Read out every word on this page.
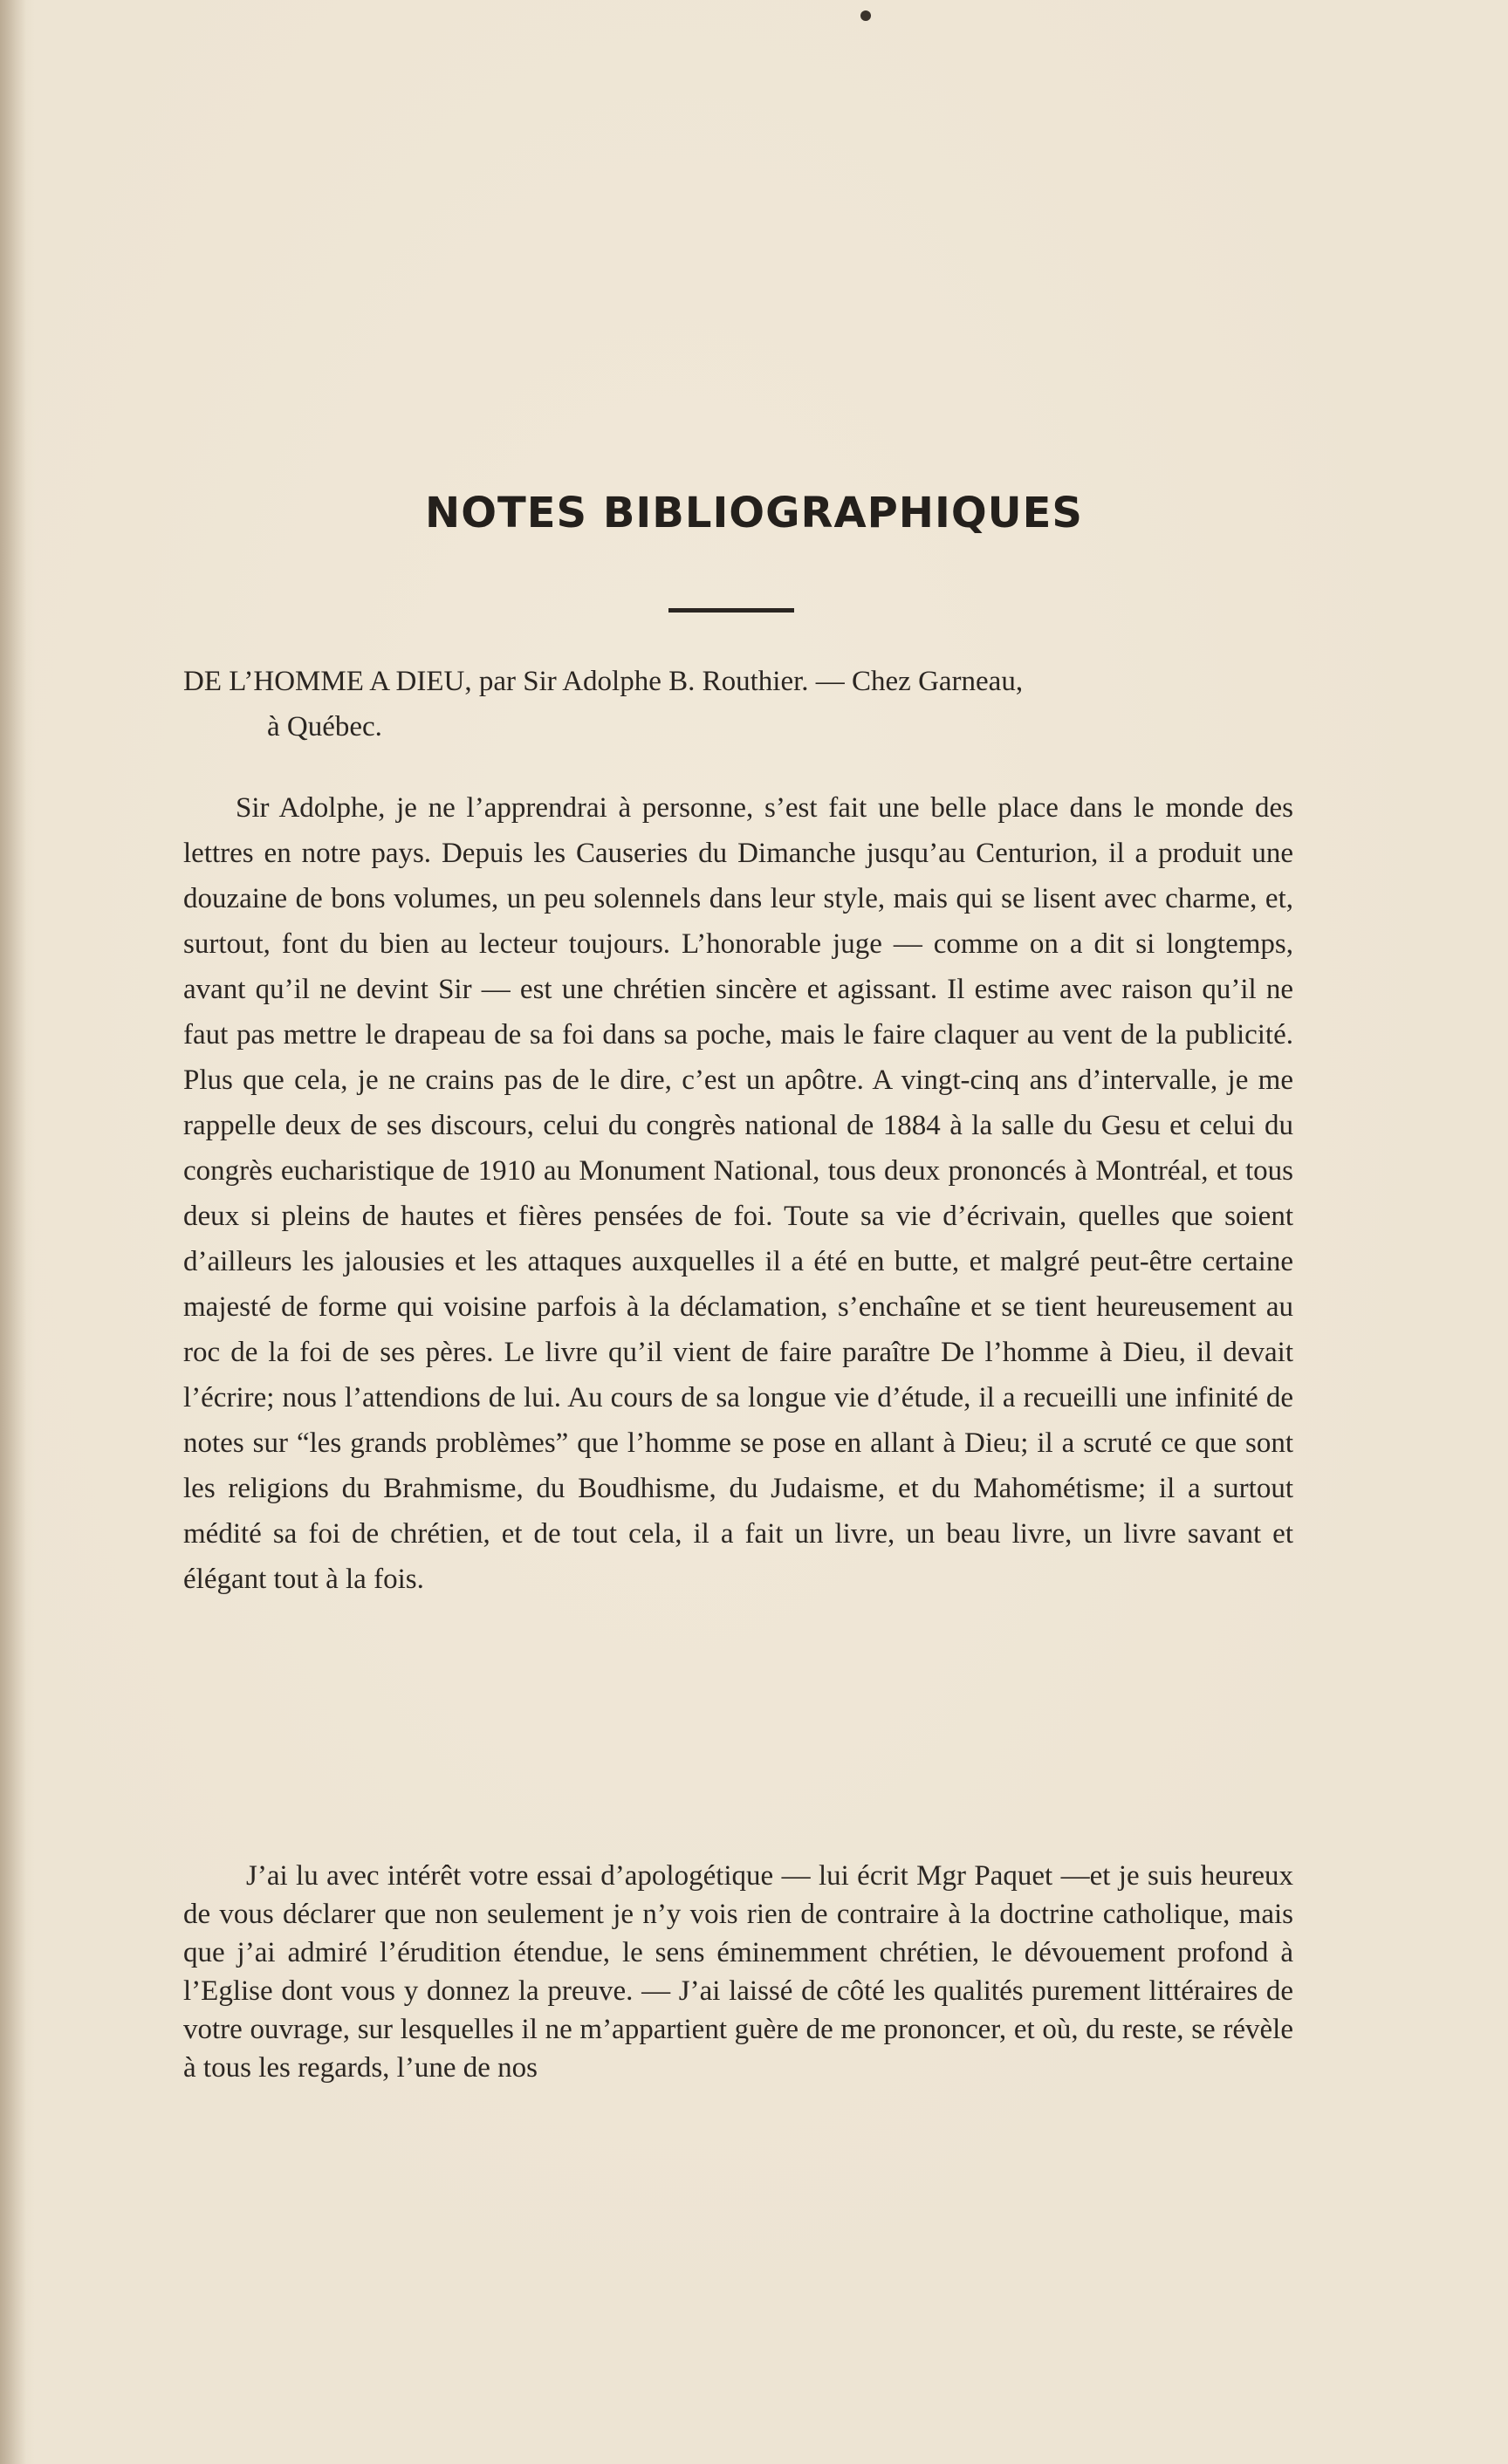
NOTES BIBLIOGRAPHIQUES
DE L’HOMME A DIEU, par Sir Adolphe B. Routhier. — Chez Garneau,
à Québec.

Sir Adolphe, je ne l’apprendrai à personne, s’est fait une belle place dans le monde des lettres en notre pays. Depuis les Causeries du Dimanche jusqu’au Centurion, il a produit une douzaine de bons volumes, un peu solennels dans leur style, mais qui se lisent avec charme, et, surtout, font du bien au lecteur toujours. L’honorable juge — comme on a dit si longtemps, avant qu’il ne devint Sir — est une chrétien sincère et agissant. Il estime avec raison qu’il ne faut pas mettre le drapeau de sa foi dans sa poche, mais le faire claquer au vent de la publicité. Plus que cela, je ne crains pas de le dire, c’est un apôtre. A vingt-cinq ans d’intervalle, je me rappelle deux de ses discours, celui du congrès national de 1884 à la salle du Gesu et celui du congrès eucharistique de 1910 au Monument National, tous deux prononcés à Montréal, et tous deux si pleins de hautes et fières pensées de foi. Toute sa vie d’écrivain, quelles que soient d’ailleurs les jalousies et les attaques auxquelles il a été en butte, et malgré peut-être certaine majesté de forme qui voisine parfois à la déclamation, s’enchaîne et se tient heureusement au roc de la foi de ses pères. Le livre qu’il vient de faire paraître De l’homme à Dieu, il devait l’écrire; nous l’attendions de lui. Au cours de sa longue vie d’étude, il a recueilli une infinité de notes sur “les grands problèmes” que l’homme se pose en allant à Dieu; il a scruté ce que sont les religions du Brahmisme, du Boudhisme, du Judaisme, et du Mahométisme; il a surtout médité sa foi de chrétien, et de tout cela, il a fait un livre, un beau livre, un livre savant et élégant tout à la fois.

J’ai lu avec intérêt votre essai d’apologétique — lui écrit Mgr Paquet —et je suis heureux de vous déclarer que non seulement je n’y vois rien de contraire à la doctrine catholique, mais que j’ai admiré l’érudition étendue, le sens éminemment chrétien, le dévouement profond à l’Eglise dont vous y donnez la preuve. — J’ai laissé de côté les qualités purement littéraires de votre ouvrage, sur lesquelles il ne m’appartient guère de me prononcer, et où, du reste, se révèle à tous les regards, l’une de nos
